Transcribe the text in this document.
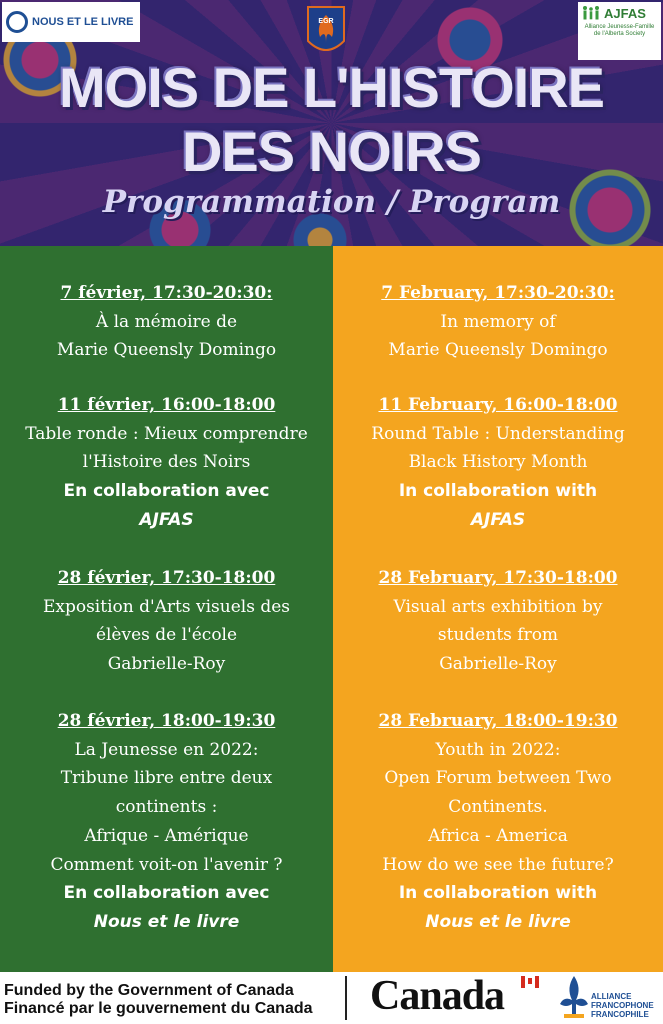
NOUS ET LE LIVRE	EGR
AJFAS
Alliance Jeunesse-Famille de l'Alberta Society
MOIS DE L'HISTOIRE
DES NOIRS
Programmation / Program
7 février, 17:30-20:30:
À la mémoire de
Marie Queensly Domingo
11 février, 16:00-18:00
Table ronde : Mieux comprendre
l'Histoire des Noirs
En collaboration avec
AJFAS
28 février, 17:30-18:00
Exposition d'Arts visuels des
élèves de l'école
Gabrielle-Roy
28 février, 18:00-19:30
La Jeunesse en 2022:
Tribune libre entre deux
continents :
Afrique - Amérique
Comment voit-on l'avenir ?
En collaboration avec
Nous et le livre
7 February, 17:30-20:30:
In memory of
Marie Queensly Domingo
11 February, 16:00-18:00
Round Table : Understanding
Black History Month
In collaboration with
AJFAS
28 February, 17:30-18:00
Visual arts exhibition by
students from
Gabrielle-Roy
28 February, 18:00-19:30
Youth in 2022:
Open Forum between Two
Continents.
Africa - America
How do we see the future?
In collaboration with
Nous et le livre
Funded by the Government of Canada
Financé par le gouvernement du Canada Canada	ALLIANCE
FRANCOPHONE
FRANCOPHILE
